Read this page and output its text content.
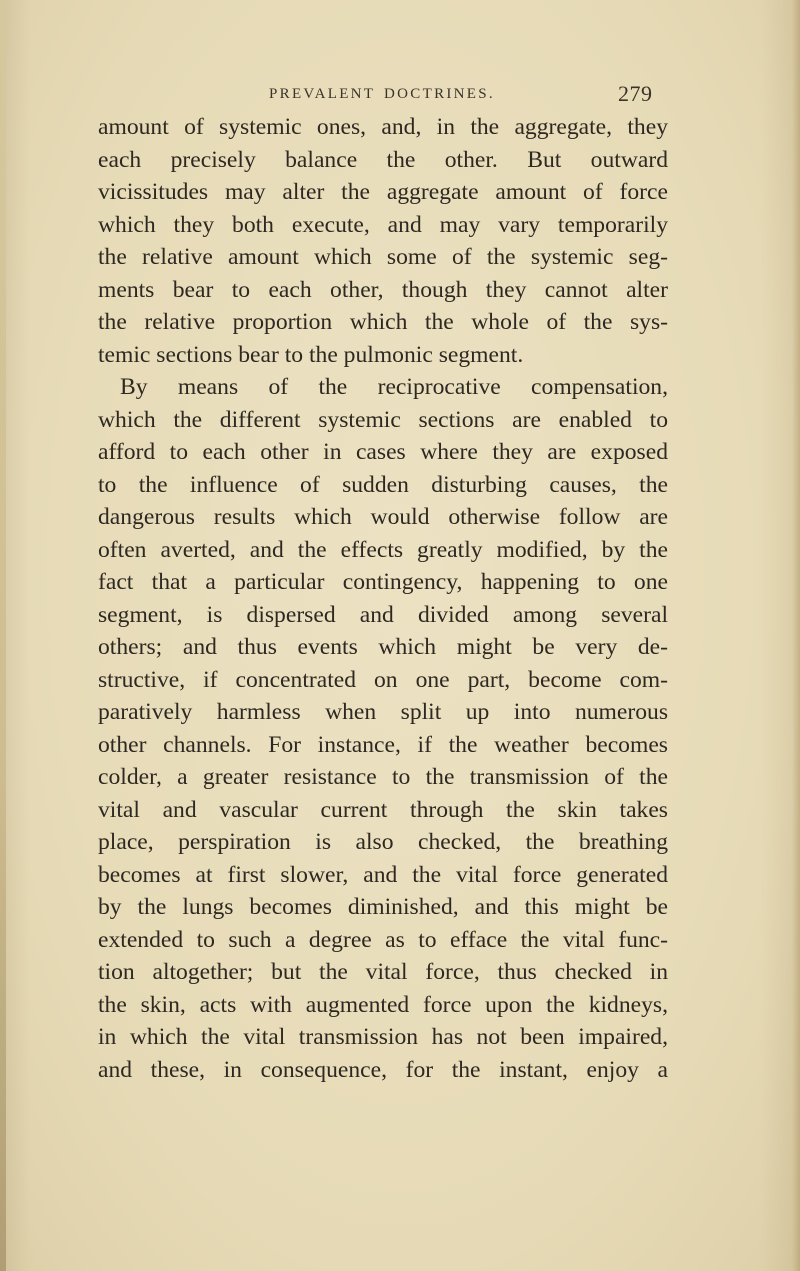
PREVALENT DOCTRINES.	279
amount of systemic ones, and, in the aggregate, they
each precisely balance the other. But outward
vicissitudes may alter the aggregate amount of force
which they both execute, and may vary temporarily
the relative amount which some of the systemic seg-
ments bear to each other, though they cannot alter
the relative proportion which the whole of the sys-
temic sections bear to the pulmonic segment.
By means of the reciprocative compensation,
which the different systemic sections are enabled to
afford to each other in cases where they are exposed
to the influence of sudden disturbing causes, the
dangerous results which would otherwise follow are
often averted, and the effects greatly modified, by the
fact that a particular contingency, happening to one
segment, is dispersed and divided among several
others; and thus events which might be very de-
structive, if concentrated on one part, become com-
paratively harmless when split up into numerous
other channels. For instance, if the weather becomes
colder, a greater resistance to the transmission of the
vital and vascular current through the skin takes
place, perspiration is also checked, the breathing
becomes at first slower, and the vital force generated
by the lungs becomes diminished, and this might be
extended to such a degree as to efface the vital func-
tion altogether; but the vital force, thus checked in
the skin, acts with augmented force upon the kidneys,
in which the vital transmission has not been impaired,
and these, in consequence, for the instant, enjoy a
